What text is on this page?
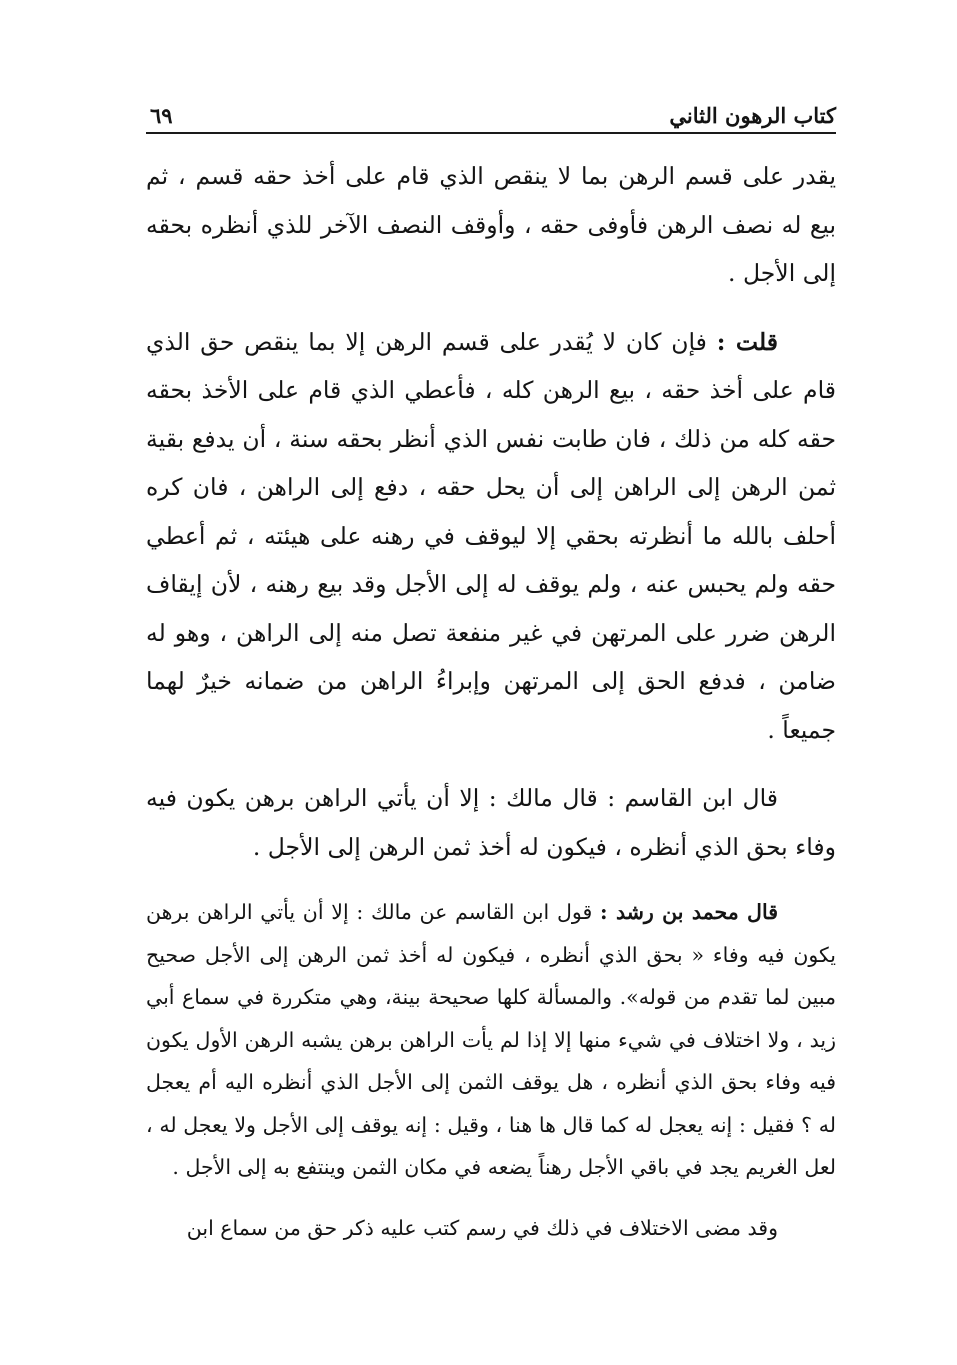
كتاب الرهون الثاني
٦٩

يقدر على قسم الرهن بما لا ينقص الذي قام على أخذ حقه قسم ، ثم بيع له نصف الرهن فأوفى حقه ، وأوقف النصف الآخر للذي أنظره بحقه إلى الأجل .

قلت : فإن كان لا يُقدر على قسم الرهن إلا بما ينقص حق الذي قام على أخذ حقه ، بيع الرهن كله ، فأعطي الذي قام على الأخذ بحقه حقه كله من ذلك ، فان طابت نفس الذي أنظر بحقه سنة ، أن يدفع بقية ثمن الرهن إلى الراهن إلى أن يحل حقه ، دفع إلى الراهن ، فان كره أحلف بالله ما أنظرته بحقي إلا ليوقف في رهنه على هيئته ، ثم أعطي حقه ولم يحبس عنه ، ولم يوقف له إلى الأجل وقد بيع رهنه ، لأن إيقاف الرهن ضرر على المرتهن في غير منفعة تصل منه إلى الراهن ، وهو له ضامن ، فدفع الحق إلى المرتهن وإبراءُ الراهن من ضمانه خيرٌ لهما جميعاً .

قال ابن القاسم : قال مالك : إلا أن يأتي الراهن برهن يكون فيه وفاء بحق الذي أنظره ، فيكون له أخذ ثمن الرهن إلى الأجل .

قال محمد بن رشد : قول ابن القاسم عن مالك : إلا أن يأتي الراهن برهن يكون فيه وفاء « بحق الذي أنظره ، فيكون له أخذ ثمن الرهن إلى الأجل صحيح مبين لما تقدم من قوله». والمسألة كلها صحيحة بينة، وهي متكررة في سماع أبي زيد ، ولا اختلاف في شيء منها إلا إذا لم يأت الراهن برهن يشبه الرهن الأول يكون فيه وفاء بحق الذي أنظره ، هل يوقف الثمن إلى الأجل الذي أنظره اليه أم يعجل له ؟ فقيل : إنه يعجل له كما قال ها هنا ، وقيل : إنه يوقف إلى الأجل ولا يعجل له ، لعل الغريم يجد في باقي الأجل رهناً يضعه في مكان الثمن وينتفع به إلى الأجل .

وقد مضى الاختلاف في ذلك في رسم كتب عليه ذكر حق من سماع ابن
